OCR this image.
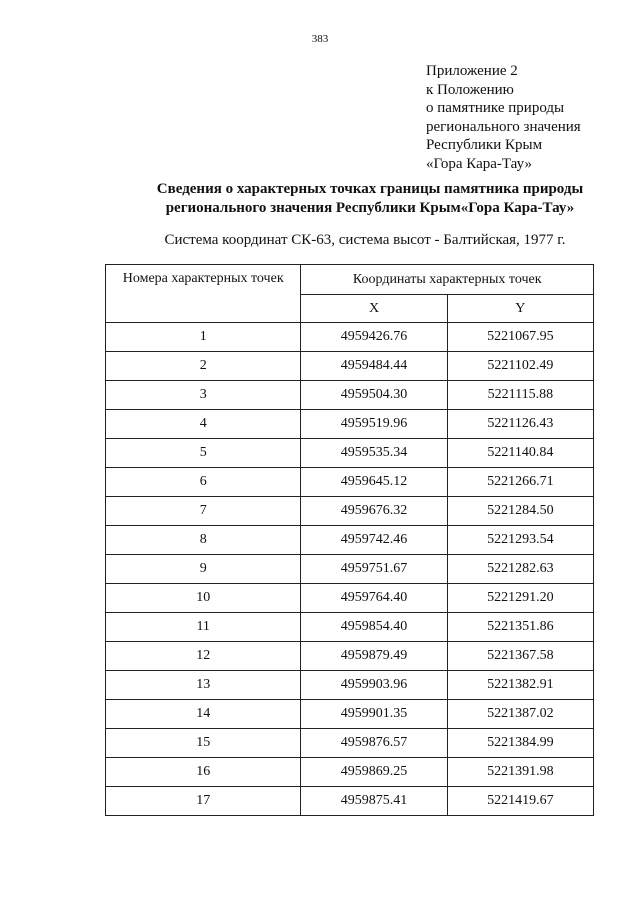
383
Приложение 2
к Положению
о памятнике природы
регионального значения
Республики Крым
«Гора Кара-Тау»
Сведения о характерных точках границы памятника природы
регионального значения Республики Крым«Гора Кара-Тау»
Система координат СК-63, система высот - Балтийская, 1977 г.
Номера характерных точек	Координаты характерных точек	
	X	Y
1	4959426.76	5221067.95
2	4959484.44	5221102.49
3	4959504.30	5221115.88
4	4959519.96	5221126.43
5	4959535.34	5221140.84
6	4959645.12	5221266.71
7	4959676.32	5221284.50
8	4959742.46	5221293.54
9	4959751.67	5221282.63
10	4959764.40	5221291.20
11	4959854.40	5221351.86
12	4959879.49	5221367.58
13	4959903.96	5221382.91
14	4959901.35	5221387.02
15	4959876.57	5221384.99
16	4959869.25	5221391.98
17	4959875.41	5221419.67
